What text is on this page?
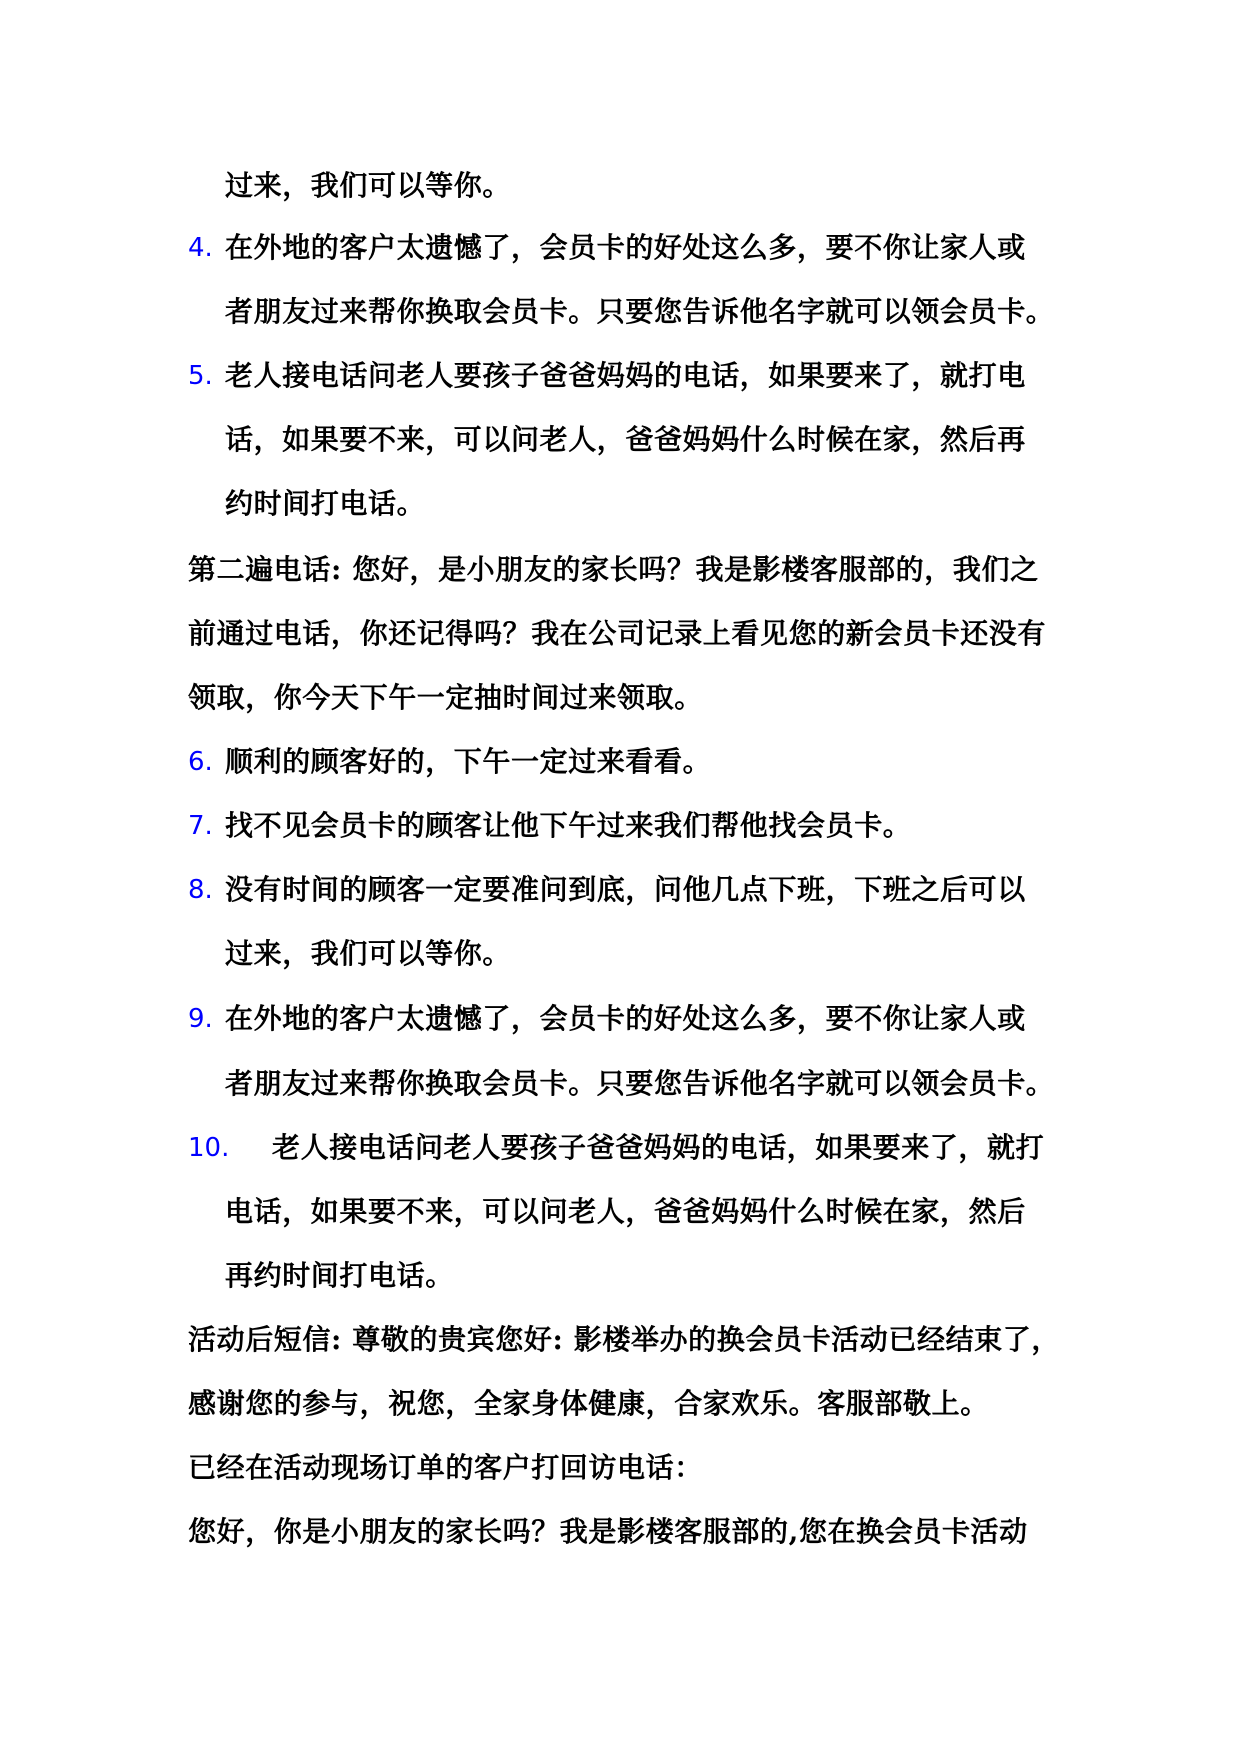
过来，我们可以等你。
4. 在外地的客户太遗憾了，会员卡的好处这么多，要不你让家人或
者朋友过来帮你换取会员卡。只要您告诉他名字就可以领会员卡。
5. 老人接电话问老人要孩子爸爸妈妈的电话，如果要来了，就打电
话，如果要不来，可以问老人，爸爸妈妈什么时候在家，然后再
约时间打电话。
第二遍电话: 您好，是小朋友的家长吗？我是影楼客服部的，我们之
前通过电话，你还记得吗？我在公司记录上看见您的新会员卡还没有
领取，你今天下午一定抽时间过来领取。
6. 顺利的顾客好的，下午一定过来看看。
7. 找不见会员卡的顾客让他下午过来我们帮他找会员卡。
8. 没有时间的顾客一定要准问到底，问他几点下班，下班之后可以
过来，我们可以等你。
9. 在外地的客户太遗憾了，会员卡的好处这么多，要不你让家人或
者朋友过来帮你换取会员卡。只要您告诉他名字就可以领会员卡。
10. 老人接电话问老人要孩子爸爸妈妈的电话，如果要来了，就打
电话，如果要不来，可以问老人，爸爸妈妈什么时候在家，然后
再约时间打电话。
活动后短信: 尊敬的贵宾您好: 影楼举办的换会员卡活动已经结束了，
感谢您的参与，祝您，全家身体健康，合家欢乐。客服部敬上。
已经在活动现场订单的客户打回访电话：
您好，你是小朋友的家长吗？我是影楼客服部的,您在换会员卡活动
